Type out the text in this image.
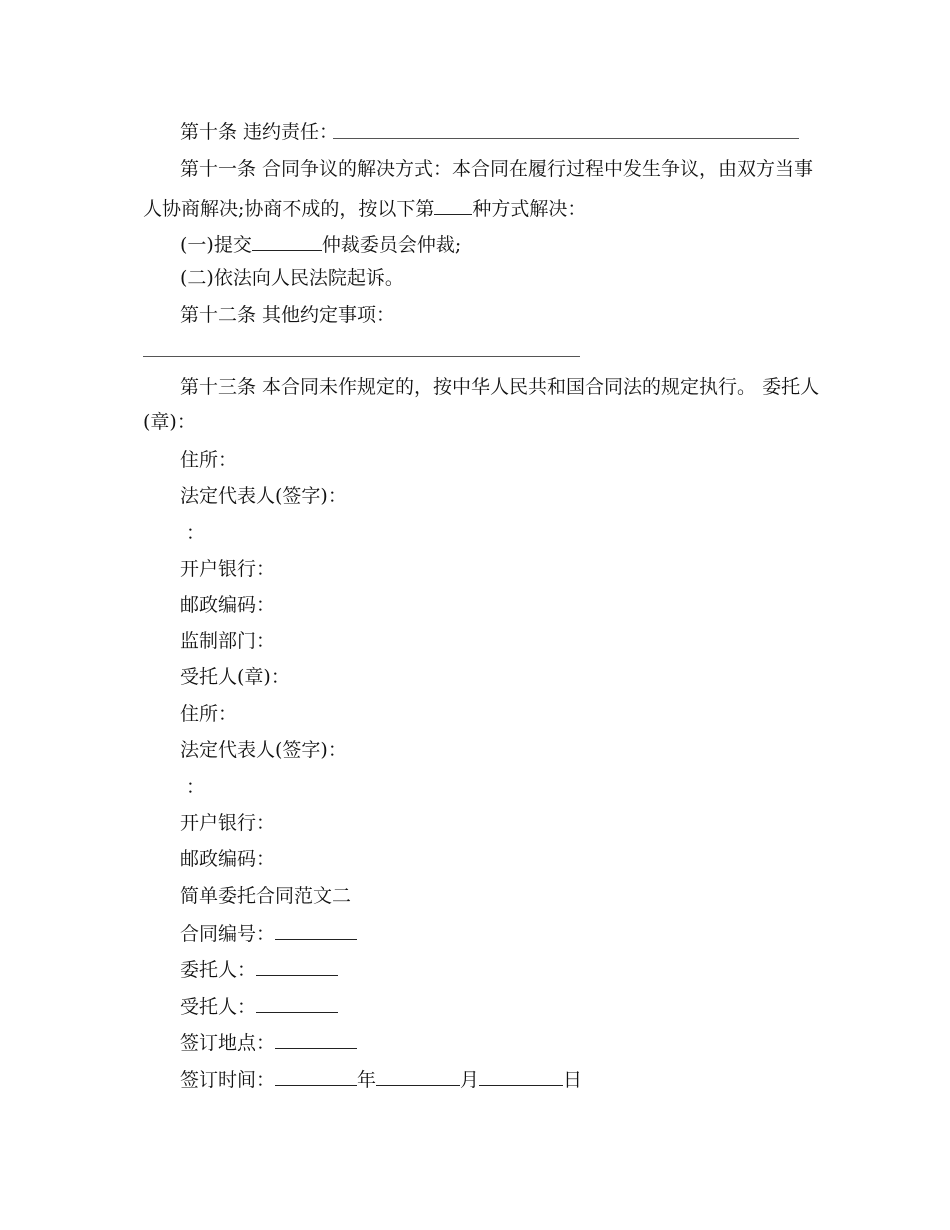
第十条 违约责任：
第十一条 合同争议的解决方式：本合同在履行过程中发生争议，由双方当事
人协商解决;协商不成的，按以下第 种方式解决：
(一)提交	仲裁委员会仲裁;
(二)依法向人民法院起诉。
第十二条 其他约定事项：
第十三条 本合同未作规定的，按中华人民共和国合同法的规定执行。 委托人
(章)：
住所：
法定代表人(签字)：
：
开户银行：
邮政编码：
监制部门：
受托人(章)：
住所：
法定代表人(签字)：
：
开户银行：
邮政编码：
简单委托合同范文二
合同编号：
委托人：
受托人：
签订地点：
签订时间：	年	月	日
